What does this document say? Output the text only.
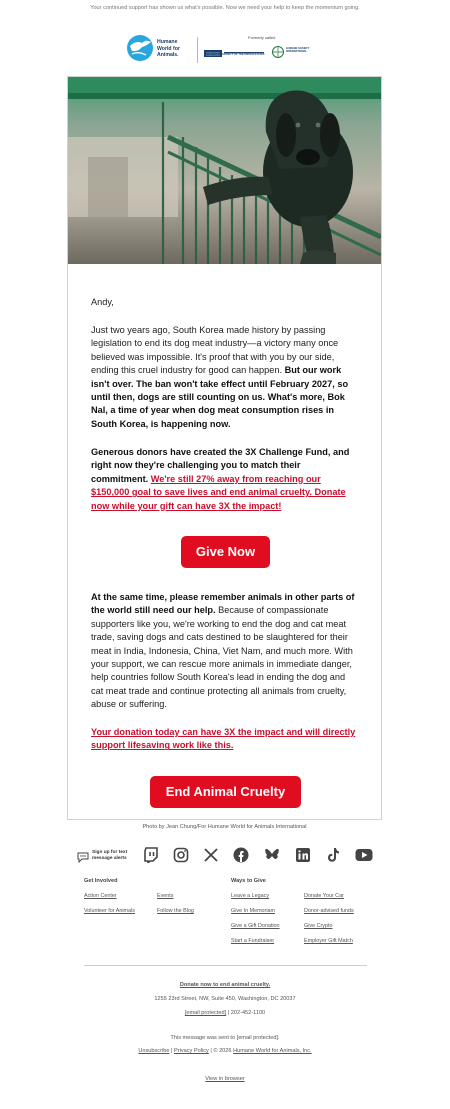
Your continued support has shown us what's possible. Now we need your help to keep the momentum going.
Humane
World for
Animals.
Formerly called
THE HUMANE SOCIETY OF THE UNITED STATES
HUMANE SOCIETY INTERNATIONAL
Andy,

Just two years ago, South Korea made history by passing legislation to end its dog meat industry—a victory many once believed was impossible. It's proof that with you by our side, ending this cruel industry for good can happen. But our work isn't over. The ban won't take effect until February 2027, so until then, dogs are still counting on us. What's more, Bok Nal, a time of year when dog meat consumption rises in South Korea, is happening now.

Generous donors have created the 3X Challenge Fund, and right now they're challenging you to match their commitment. We're still 27% away from reaching our $150,000 goal to save lives and end animal cruelty. Donate now while your gift can have 3X the impact!

Give Now

At the same time, please remember animals in other parts of the world still need our help. Because of compassionate supporters like you, we're working to end the dog and cat meat trade, saving dogs and cats destined to be slaughtered for their meat in India, Indonesia, China, Viet Nam, and much more. With your support, we can rescue more animals in immediate danger, help countries follow South Korea's lead in ending the dog and cat meat trade and continue protecting all animals from cruelty, abuse or suffering.

Your donation today can have 3X the impact and will directly support lifesaving work like this.

End Animal Cruelty
Photo by Jean Chung/For Humane World for Animals International
Sign up for text
message alerts
Get Involved
Action Center	Events
Volunteer for Animals	Follow the Blog
Ways to Give
Leave a Legacy	Donate Your Car
Give In Memoriam	Donor-advised funds
Give a Gift Donation	Give Crypto
Start a Fundraiser	Employer Gift Match
Donate now to end animal cruelty.
1255 23rd Street, NW, Suite 450, Washington, DC 20037
[email protected] | 202-452-1100
This message was sent to [email protected].
Unsubscribe | Privacy Policy | © 2026 Humane World for Animals, Inc.
View in browser
